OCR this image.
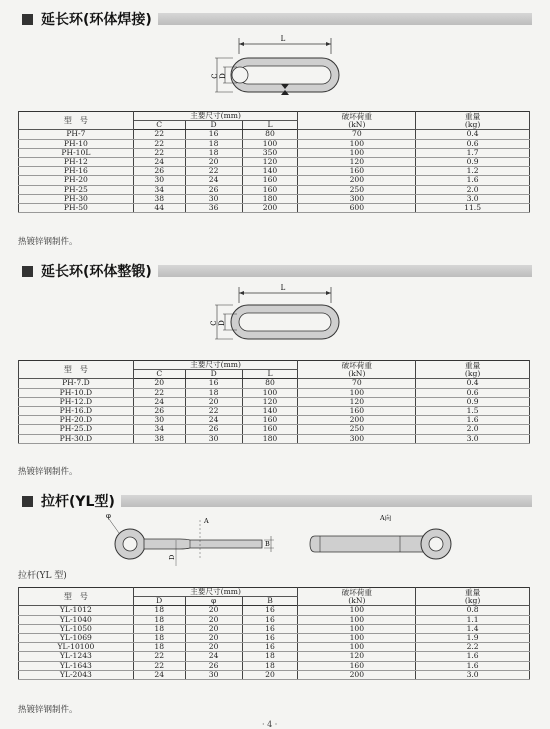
延长环(环体焊接)
L
C D
型　号	主要尺寸(mm)			破坏荷重
(kN)	重量
(kg)
	C	D	L		
PH-7	22	16	80	70	0.4
PH-10	22	18	100	100	0.6
PH-10L	22	18	350	100	1.7
PH-12	24	20	120	120	0.9
PH-16	26	22	140	160	1.2
PH-20	30	24	160	200	1.6
PH-25	34	26	160	250	2.0
PH-30	38	30	180	300	3.0
PH-50	44	36	200	600	11.5
热镀锌钢制件。
延长环(环体整锻)
L
C D
型　号	主要尺寸(mm)			破坏荷重
(kN)	重量
(kg)
	C	D	L		
PH-7.D	20	16	80	70	0.4
PH-10.D	22	18	100	100	0.6
PH-12.D	24	20	120	120	0.9
PH-16.D	26	22	140	160	1.5
PH-20.D	30	24	160	200	1.6
PH-25.D	34	26	160	250	2.0
PH-30.D	38	30	180	300	3.0
热镀锌钢制件。
拉杆(YL型)
φ
A
D
B
A向
拉杆(YL 型)
型　号	主要尺寸(mm)			破坏荷重
(kN)	重量
(kg)
	D	φ	B		
YL-1012	18	20	16	100	0.8
YL-1040	18	20	16	100	1.1
YL-1050	18	20	16	100	1.4
YL-1069	18	20	16	100	1.9
YL-10100	18	20	16	100	2.2
YL-1243	22	24	18	120	1.6
YL-1643	22	26	18	160	1.6
YL-2043	24	30	20	200	3.0
热镀锌钢制件。
· 4 ·
